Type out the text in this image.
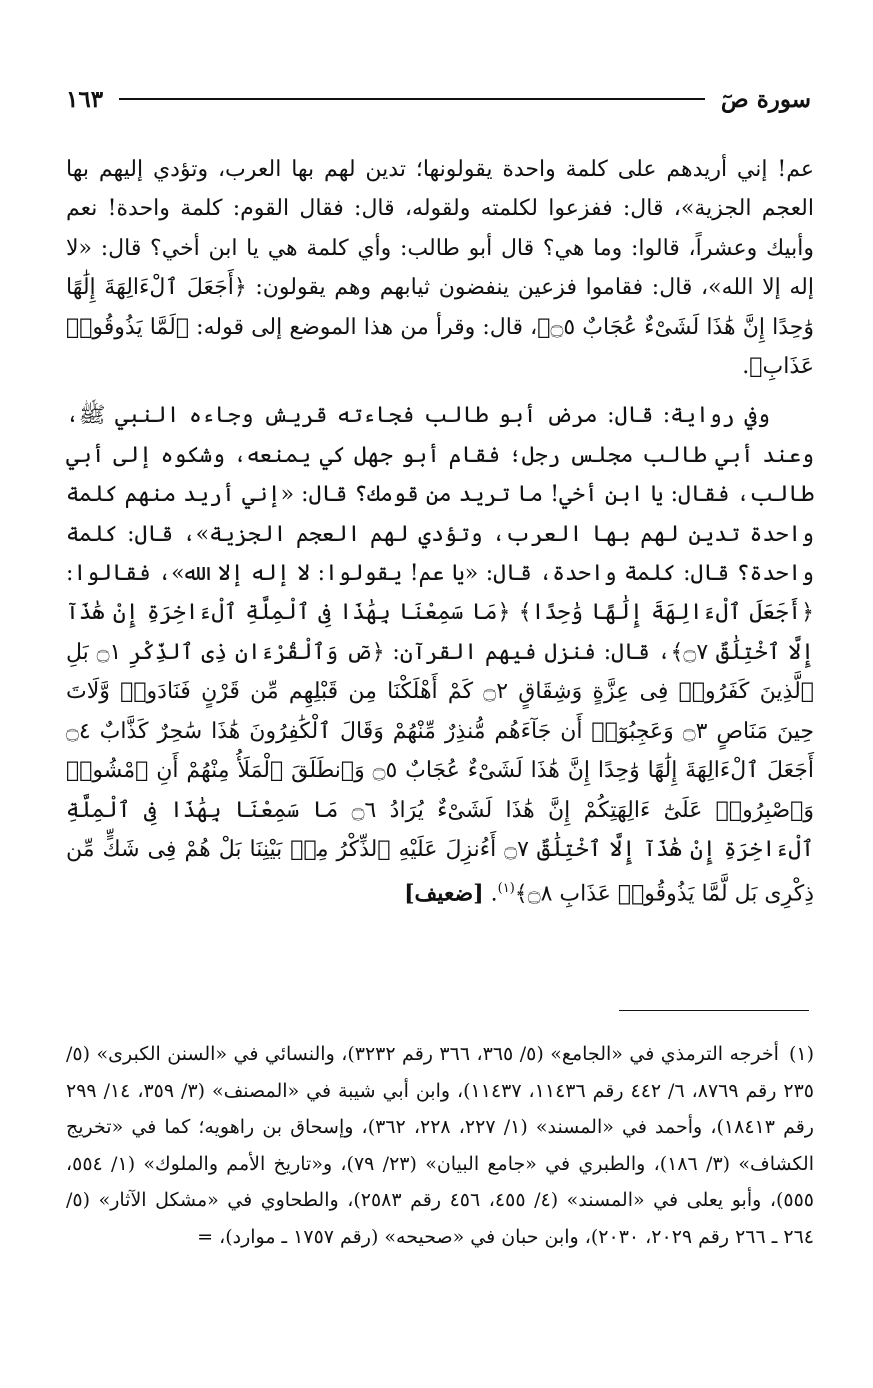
سورة صٓ
١٦٣

عم! إني أريدهم على كلمة واحدة يقولونها؛ تدين لهم بها العرب، وتؤدي إليهم بها العجم الجزية»، قال: ففزعوا لكلمته ولقوله، قال: فقال القوم: كلمة واحدة! نعم وأبيك وعشراً، قالوا: وما هي؟ قال أبو طالب: وأي كلمة هي يا ابن أخي؟ قال: «لا إله إلا الله»، قال: فقاموا فزعين ينفضون ثيابهم وهم يقولون: ﴿أَجَعَلَ ٱلْءَالِهَةَ إِلَٰهًا وَٰحِدًا إِنَّ هَٰذَا لَشَىْءٌ عُجَابٌ ۝٥﴾، قال: وقرأ من هذا الموضع إلى قوله: ﴿لَمَّا يَذُوقُوا۟ عَذَابِ﴾.

وفي رواية: قال: مرض أبو طالب فجاءته قريش وجاءه النبي ﷺ، وعند أبي طالب مجلس رجل؛ فقام أبو جهل كي يمنعه، وشكوه إلى أبي طالب، فقال: يا ابن أخي! ما تريد من قومك؟ قال: «إني أريد منهم كلمة واحدة تدين لهم بها العرب، وتؤدي لهم العجم الجزية»، قال: كلمة واحدة؟ قال: كلمة واحدة، قال: «يا عم! يقولوا: لا إله إلا الله»، فقالوا: ﴿أَجَعَلَ ٱلْءَالِهَةَ إِلَٰهًا وَٰحِدًا﴾ ﴿مَا سَمِعْنَا بِهَٰذَا فِى ٱلْمِلَّةِ ٱلْءَاخِرَةِ إِنْ هَٰذَآ إِلَّا ٱخْتِلَٰقٌ ۝٧﴾، قال: فنزل فيهم القرآن: ﴿صٓ وَٱلْقُرْءَانِ ذِى ٱلذِّكْرِ ۝١ بَلِ ٱلَّذِينَ كَفَرُوا۟ فِى عِزَّةٍ وَشِقَاقٍ ۝٢ كَمْ أَهْلَكْنَا مِن قَبْلِهِم مِّن قَرْنٍ فَنَادَوا۟ وَّلَاتَ حِينَ مَنَاصٍ ۝٣ وَعَجِبُوٓا۟ أَن جَآءَهُم مُّنذِرٌ مِّنْهُمْ وَقَالَ ٱلْكَٰفِرُونَ هَٰذَا سَٰحِرٌ كَذَّابٌ ۝٤ أَجَعَلَ ٱلْءَالِهَةَ إِلَٰهًا وَٰحِدًا إِنَّ هَٰذَا لَشَىْءٌ عُجَابٌ ۝٥ وَٱنطَلَقَ ٱلْمَلَأُ مِنْهُمْ أَنِ ٱمْشُوا۟ وَٱصْبِرُوا۟ عَلَىٰٓ ءَالِهَتِكُمْ إِنَّ هَٰذَا لَشَىْءٌ يُرَادُ ۝٦ مَا سَمِعْنَا بِهَٰذَا فِى ٱلْمِلَّةِ ٱلْءَاخِرَةِ إِنْ هَٰذَآ إِلَّا ٱخْتِلَٰقٌ ۝٧ أَءُنزِلَ عَلَيْهِ ٱلذِّكْرُ مِنۢ بَيْنِنَا بَلْ هُمْ فِى شَكٍّ مِّن ذِكْرِى بَل لَّمَّا يَذُوقُوا۟ عَذَابِ ۝٨﴾$^{(١)}$. [ضعيف]

(١)أخرجه الترمذي في «الجامع» (٥/ ٣٦٥، ٣٦٦ رقم ٣٢٣٢)، والنسائي في «السنن الكبرى» (٥/ ٢٣٥ رقم ٨٧٦٩، ٦/ ٤٤٢ رقم ١١٤٣٦، ١١٤٣٧)، وابن أبي شيبة في «المصنف» (٣/ ٣٥٩، ١٤/ ٢٩٩ رقم ١٨٤١٣)، وأحمد في «المسند» (١/ ٢٢٧، ٢٢٨، ٣٦٢)، وإسحاق بن راهويه؛ كما في «تخريج الكشاف» (٣/ ١٨٦)، والطبري في «جامع البيان» (٢٣/ ٧٩)، و«تاريخ الأمم والملوك» (١/ ٥٥٤، ٥٥٥)، وأبو يعلى في «المسند» (٤/ ٤٥٥، ٤٥٦ رقم ٢٥٨٣)، والطحاوي في «مشكل الآثار» (٥/ ٢٦٤ ـ ٢٦٦ رقم ٢٠٢٩، ٢٠٣٠)، وابن حبان في «صحيحه» (رقم ١٧٥٧ ـ موارد)، =
